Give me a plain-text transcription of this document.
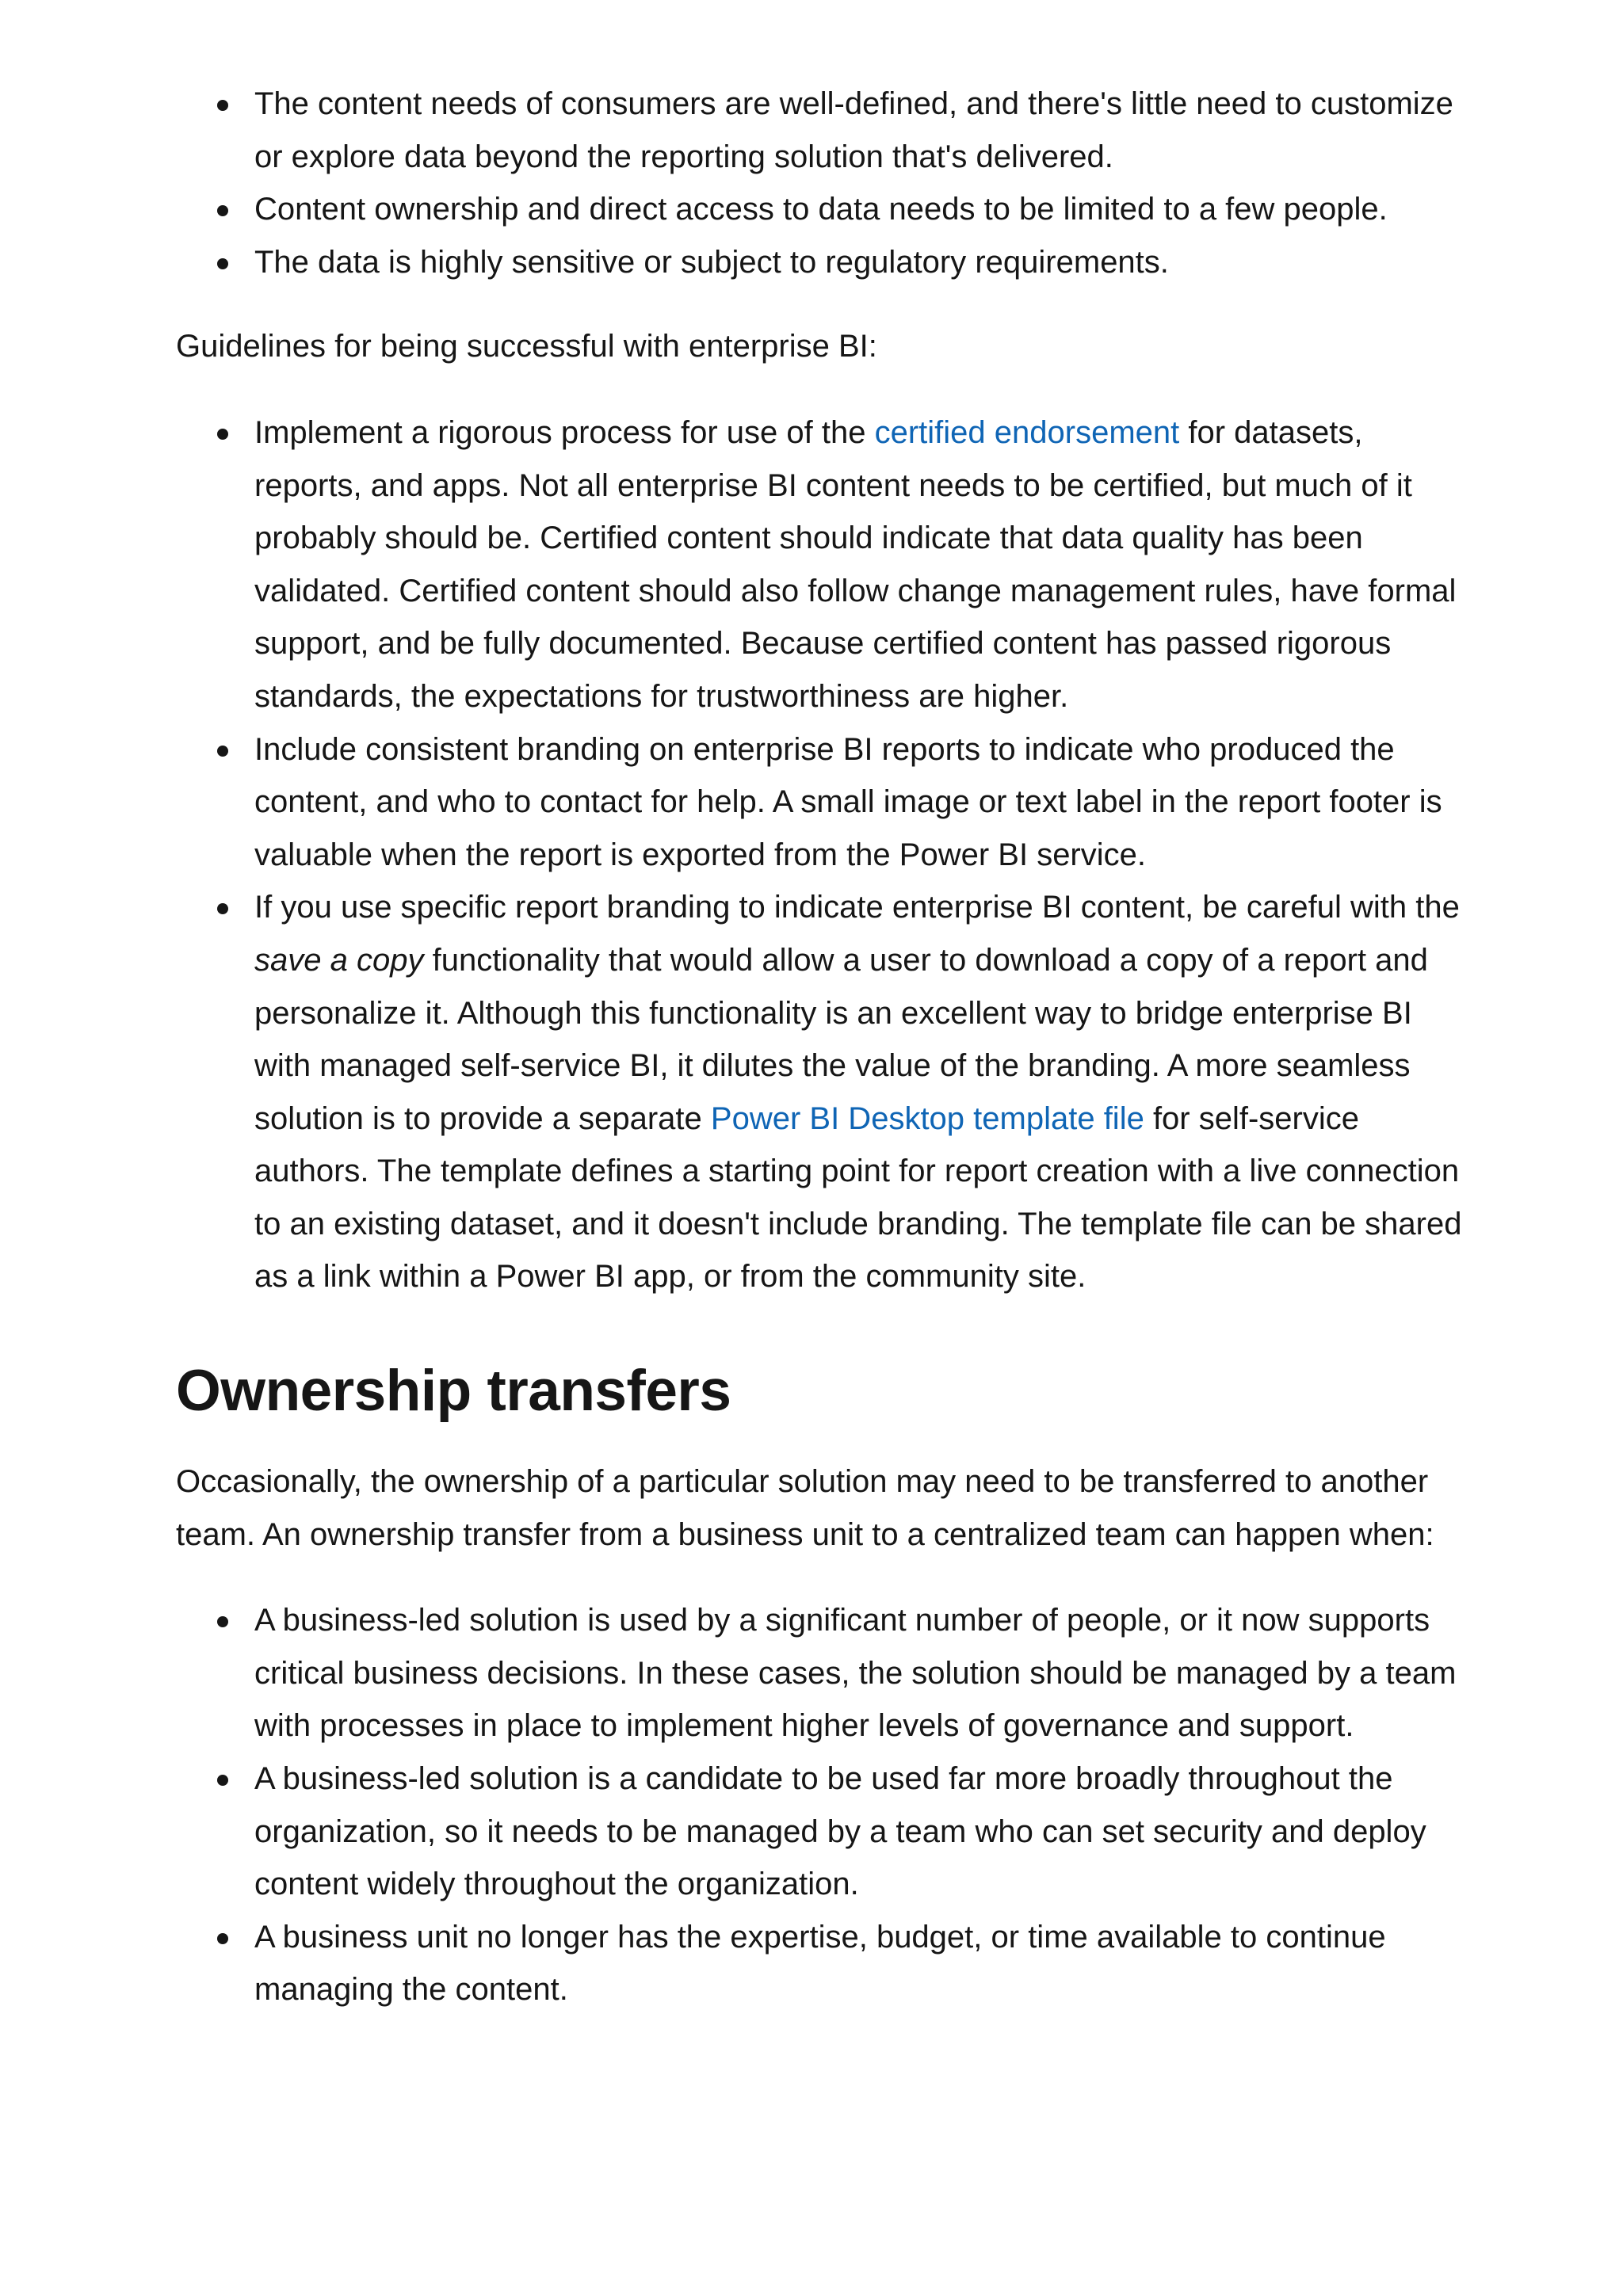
The content needs of consumers are well-defined, and there's little need to customize or explore data beyond the reporting solution that's delivered.
Content ownership and direct access to data needs to be limited to a few people.
The data is highly sensitive or subject to regulatory requirements.

Guidelines for being successful with enterprise BI:

Implement a rigorous process for use of the certified endorsement for datasets, reports, and apps. Not all enterprise BI content needs to be certified, but much of it probably should be. Certified content should indicate that data quality has been validated. Certified content should also follow change management rules, have formal support, and be fully documented. Because certified content has passed rigorous standards, the expectations for trustworthiness are higher.
Include consistent branding on enterprise BI reports to indicate who produced the content, and who to contact for help. A small image or text label in the report footer is valuable when the report is exported from the Power BI service.
If you use specific report branding to indicate enterprise BI content, be careful with the save a copy functionality that would allow a user to download a copy of a report and personalize it. Although this functionality is an excellent way to bridge enterprise BI with managed self-service BI, it dilutes the value of the branding. A more seamless solution is to provide a separate Power BI Desktop template file for self-service authors. The template defines a starting point for report creation with a live connection to an existing dataset, and it doesn't include branding. The template file can be shared as a link within a Power BI app, or from the community site.
Ownership transfers

Occasionally, the ownership of a particular solution may need to be transferred to another team. An ownership transfer from a business unit to a centralized team can happen when:

A business-led solution is used by a significant number of people, or it now supports critical business decisions. In these cases, the solution should be managed by a team with processes in place to implement higher levels of governance and support.
A business-led solution is a candidate to be used far more broadly throughout the organization, so it needs to be managed by a team who can set security and deploy content widely throughout the organization.
A business unit no longer has the expertise, budget, or time available to continue managing the content.
